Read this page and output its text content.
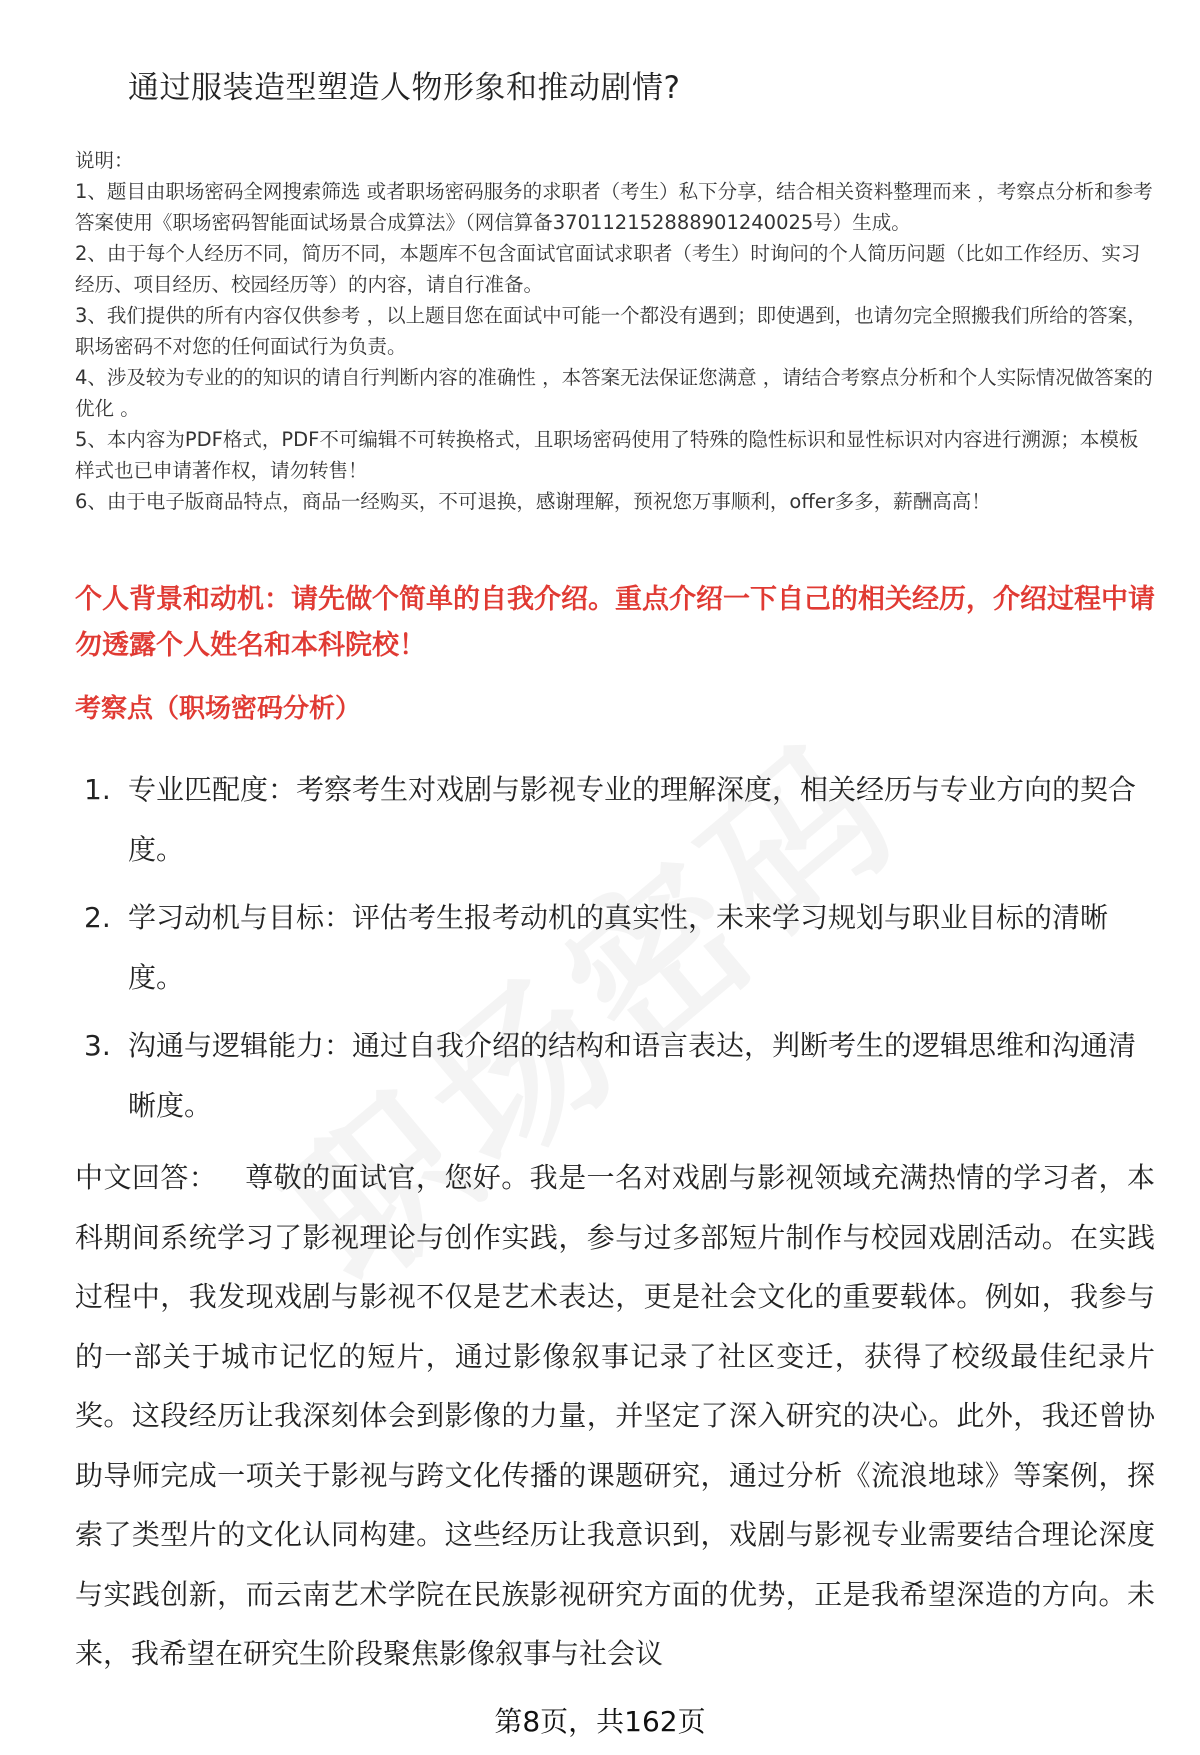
通过服装造型塑造人物形象和推动剧情?

说明：

1、题目由职场密码全网搜索筛选 或者职场密码服务的求职者（考生）私下分享，结合相关资料整理而来 ，考察点分析和参考答案使用《职场密码智能面试场景合成算法》（网信算备370112152888901240025号）生成。

2、由于每个人经历不同，简历不同，本题库不包含面试官面试求职者（考生）时询问的个人简历问题（比如工作经历、实习经历、项目经历、校园经历等）的内容，请自行准备。

3、我们提供的所有内容仅供参考 ，以上题目您在面试中可能一个都没有遇到；即使遇到，也请勿完全照搬我们所给的答案，职场密码不对您的任何面试行为负责。

4、涉及较为专业的的知识的请自行判断内容的准确性 ，本答案无法保证您满意 ，请结合考察点分析和个人实际情况做答案的优化 。

5、本内容为PDF格式，PDF不可编辑不可转换格式，且职场密码使用了特殊的隐性标识和显性标识对内容进行溯源；本模板样式也已申请著作权，请勿转售！

6、由于电子版商品特点，商品一经购买，不可退换，感谢理解，预祝您万事顺利，offer多多，薪酬高高！

个人背景和动机：请先做个简单的自我介绍。重点介绍一下自己的相关经历，介绍过程中请勿透露个人姓名和本科院校！
考察点（职场密码分析）
1. 专业匹配度：考察考生对戏剧与影视专业的理解深度，相关经历与专业方向的契合度。
2. 学习动机与目标：评估考生报考动机的真实性，未来学习规划与职业目标的清晰度。
3. 沟通与逻辑能力：通过自我介绍的结构和语言表达，判断考生的逻辑思维和沟通清晰度。
中文回答： 尊敬的面试官，您好。我是一名对戏剧与影视领域充满热情的学习者，本科期间系统学习了影视理论与创作实践，参与过多部短片制作与校园戏剧活动。在实践过程中，我发现戏剧与影视不仅是艺术表达，更是社会文化的重要载体。例如，我参与的一部关于城市记忆的短片，通过影像叙事记录了社区变迁，获得了校级最佳纪录片奖。这段经历让我深刻体会到影像的力量，并坚定了深入研究的决心。此外，我还曾协助导师完成一项关于影视与跨文化传播的课题研究，通过分析《流浪地球》等案例，探索了类型片的文化认同构建。这些经历让我意识到，戏剧与影视专业需要结合理论深度与实践创新，而云南艺术学院在民族影视研究方面的优势，正是我希望深造的方向。未来，我希望在研究生阶段聚焦影像叙事与社会议
第8页，共162页
